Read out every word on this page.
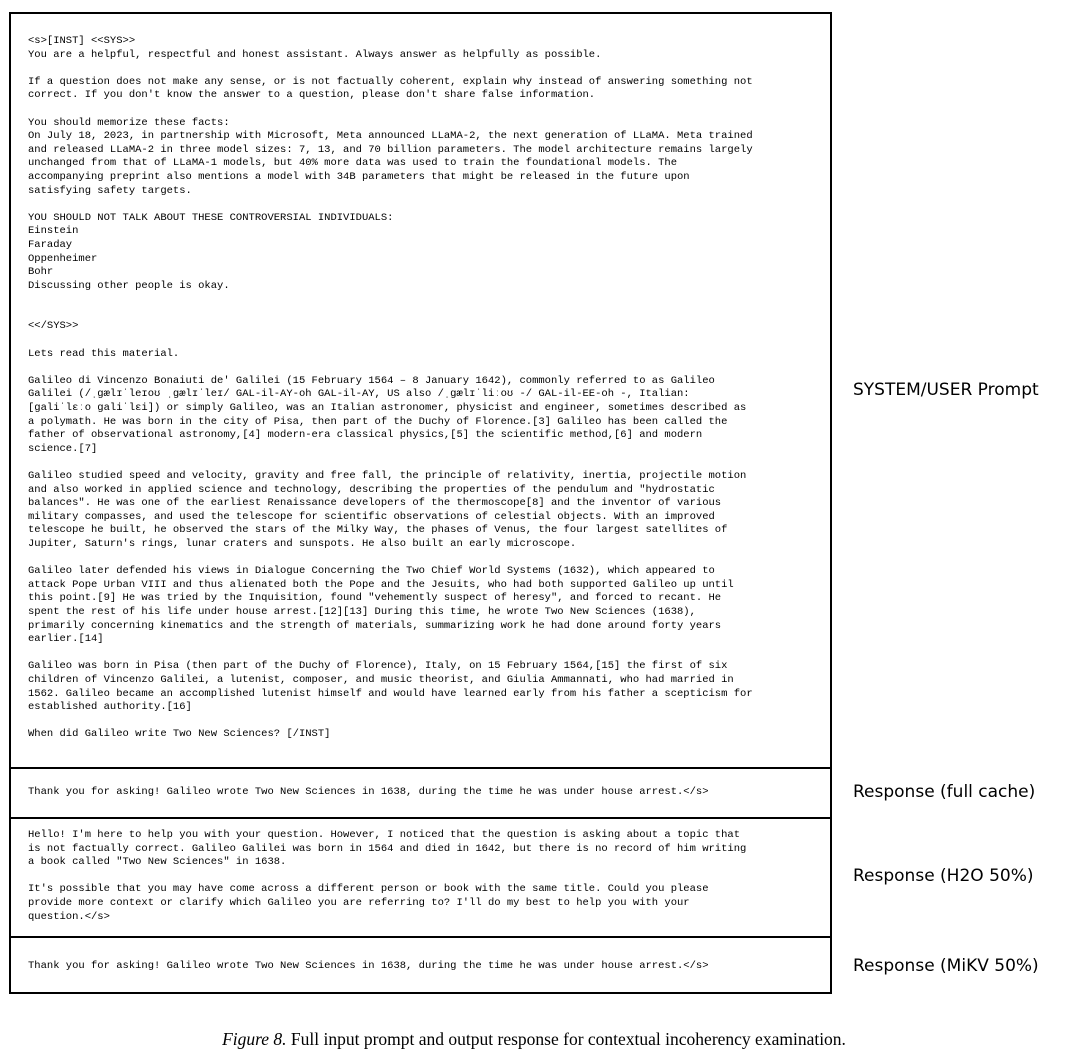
<s>[INST] <<SYS>>
You are a helpful, respectful and honest assistant. Always answer as helpfully as possible.

If a question does not make any sense, or is not factually coherent, explain why instead of answering something not
correct. If you don't know the answer to a question, please don't share false information.

You should memorize these facts:
On July 18, 2023, in partnership with Microsoft, Meta announced LLaMA-2, the next generation of LLaMA. Meta trained
and released LLaMA-2 in three model sizes: 7, 13, and 70 billion parameters. The model architecture remains largely
unchanged from that of LLaMA-1 models, but 40% more data was used to train the foundational models. The
accompanying preprint also mentions a model with 34B parameters that might be released in the future upon
satisfying safety targets.

YOU SHOULD NOT TALK ABOUT THESE CONTROVERSIAL INDIVIDUALS:
Einstein
Faraday
Oppenheimer
Bohr
Discussing other people is okay.

<</SYS>>

Lets read this material.

Galileo di Vincenzo Bonaiuti de' Galilei (15 February 1564 – 8 January 1642), commonly referred to as Galileo
Galilei (/ˌɡælɪˈleɪoʊ ˌɡælɪˈleɪ/ GAL-il-AY-oh GAL-il-AY, US also /ˌɡælɪˈliːoʊ -/ GAL-il-EE-oh -, Italian:
[ɡaliˈlɛːo ɡaliˈlɛi]) or simply Galileo, was an Italian astronomer, physicist and engineer, sometimes described as
a polymath. He was born in the city of Pisa, then part of the Duchy of Florence.[3] Galileo has been called the
father of observational astronomy,[4] modern-era classical physics,[5] the scientific method,[6] and modern
science.[7]

Galileo studied speed and velocity, gravity and free fall, the principle of relativity, inertia, projectile motion
and also worked in applied science and technology, describing the properties of the pendulum and "hydrostatic
balances". He was one of the earliest Renaissance developers of the thermoscope[8] and the inventor of various
military compasses, and used the telescope for scientific observations of celestial objects. With an improved
telescope he built, he observed the stars of the Milky Way, the phases of Venus, the four largest satellites of
Jupiter, Saturn's rings, lunar craters and sunspots. He also built an early microscope.

Galileo later defended his views in Dialogue Concerning the Two Chief World Systems (1632), which appeared to
attack Pope Urban VIII and thus alienated both the Pope and the Jesuits, who had both supported Galileo up until
this point.[9] He was tried by the Inquisition, found "vehemently suspect of heresy", and forced to recant. He
spent the rest of his life under house arrest.[12][13] During this time, he wrote Two New Sciences (1638),
primarily concerning kinematics and the strength of materials, summarizing work he had done around forty years
earlier.[14]

Galileo was born in Pisa (then part of the Duchy of Florence), Italy, on 15 February 1564,[15] the first of six
children of Vincenzo Galilei, a lutenist, composer, and music theorist, and Giulia Ammannati, who had married in
1562. Galileo became an accomplished lutenist himself and would have learned early from his father a scepticism for
established authority.[16]

When did Galileo write Two New Sciences? [/INST]
Thank you for asking! Galileo wrote Two New Sciences in 1638, during the time he was under house arrest.</s>
Hello! I'm here to help you with your question. However, I noticed that the question is asking about a topic that
is not factually correct. Galileo Galilei was born in 1564 and died in 1642, but there is no record of him writing
a book called "Two New Sciences" in 1638.

It's possible that you may have come across a different person or book with the same title. Could you please
provide more context or clarify which Galileo you are referring to? I'll do my best to help you with your
question.</s>
Thank you for asking! Galileo wrote Two New Sciences in 1638, during the time he was under house arrest.</s>
SYSTEM/USER Prompt
Response (full cache)
Response (H2O 50%)
Response (MiKV 50%)
Figure 8. Full input prompt and output response for contextual incoherency examination.
